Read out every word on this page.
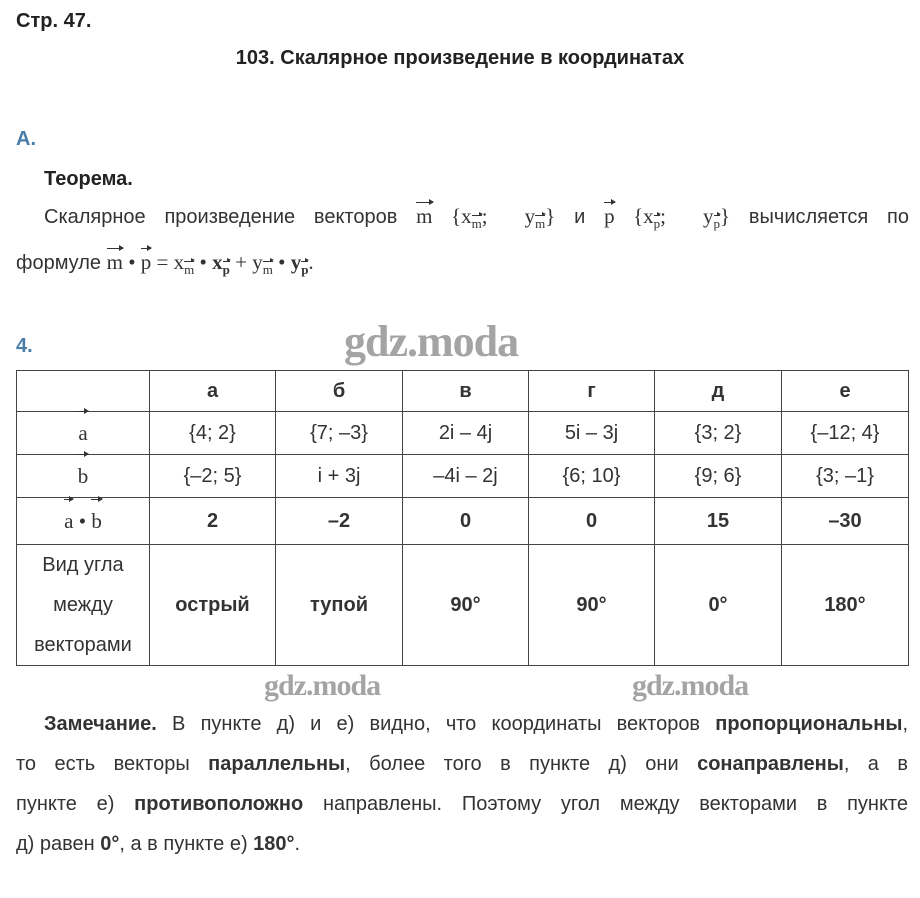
Стр. 47.
103. Скалярное произведение в координатах
А.
Теорема.
Скалярное произведение векторов m {$x_m$;  $y_m$} и p {$x_p$;  $y_p$} вычисляется по
формуле m • $p = x_m$ • $x_p + y_m$ • $y_p$.
4.
	а	б	в	г	д	е
a	{4; 2}	{7; –3}	2i – 4j	5i – 3j	{3; 2}	{–12; 4}
b	{–2; 5}	i + 3j	–4i – 2j	{6; 10}	{9; 6}	{3; –1}
a • b	2	–2	0	0	15	–30

Вид угла
между
векторами	острый	тупой	90°	90°	0°	180°
gdz.moda
gdz.moda	gdz.moda
Замечание. В пункте д) и е) видно, что координаты векторов пропорциональны,
то есть векторы параллельны, более того в пункте д) они сонаправлены, а в
пункте е) противоположно направлены. Поэтому угол между векторами в пункте
д) равен 0°, а в пункте е) 180°.
